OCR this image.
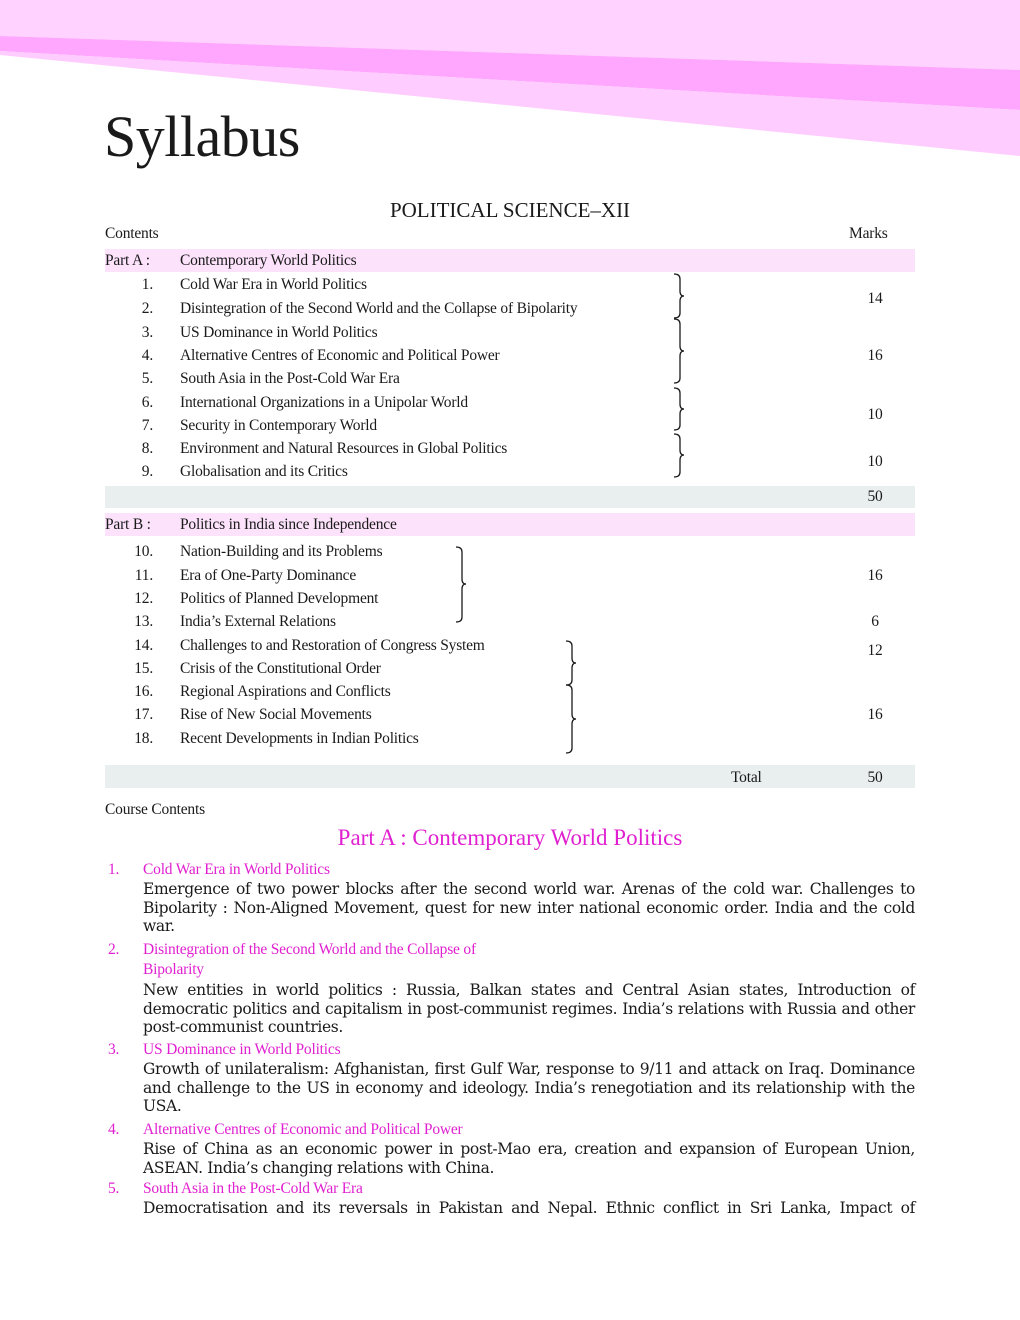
Syllabus
POLITICAL SCIENCE–XII
Contents	Marks
Part A : Contemporary World Politics
1. Cold War Era in World Politics
2. Disintegration of the Second World and the Collapse of Bipolarity
3. US Dominance in World Politics
4. Alternative Centres of Economic and Political Power
5. South Asia in the Post-Cold War Era
6. International Organizations in a Unipolar World
7. Security in Contemporary World
8. Environment and Natural Resources in Global Politics
9. Globalisation and its Critics
14
16
10
10
50
Part B : Politics in India since Independence
10. Nation-Building and its Problems
11. Era of One-Party Dominance
12. Politics of Planned Development
13. India’s External Relations
14. Challenges to and Restoration of Congress System
15. Crisis of the Constitutional Order
16. Regional Aspirations and Conflicts
17. Rise of New Social Movements
18. Recent Developments in Indian Politics
16
6
12
16
Total	50
Course Contents
Part A : Contemporary World Politics
1. Cold War Era in World Politics
Emergence of two power blocks after the second world war. Arenas of the cold war. Challenges to Bipolarity : Non-Aligned Movement, quest for new inter national economic order. India and the cold war.
2. Disintegration of the Second World and the Collapse of
Bipolarity
New entities in world politics : Russia, Balkan states and Central Asian states, Introduction of democratic politics and capitalism in post-communist regimes. India’s relations with Russia and other post-communist countries.
3. US Dominance in World Politics
Growth of unilateralism: Afghanistan, first Gulf War, response to 9/11 and attack on Iraq. Dominance and challenge to the US in economy and ideology. India’s renegotiation and its relationship with the USA.
4. Alternative Centres of Economic and Political Power
Rise of China as an economic power in post-Mao era, creation and expansion of European Union, ASEAN. India’s changing relations with China.
5. South Asia in the Post-Cold War Era
Democratisation and its reversals in Pakistan and Nepal. Ethnic conflict in Sri Lanka, Impact of
